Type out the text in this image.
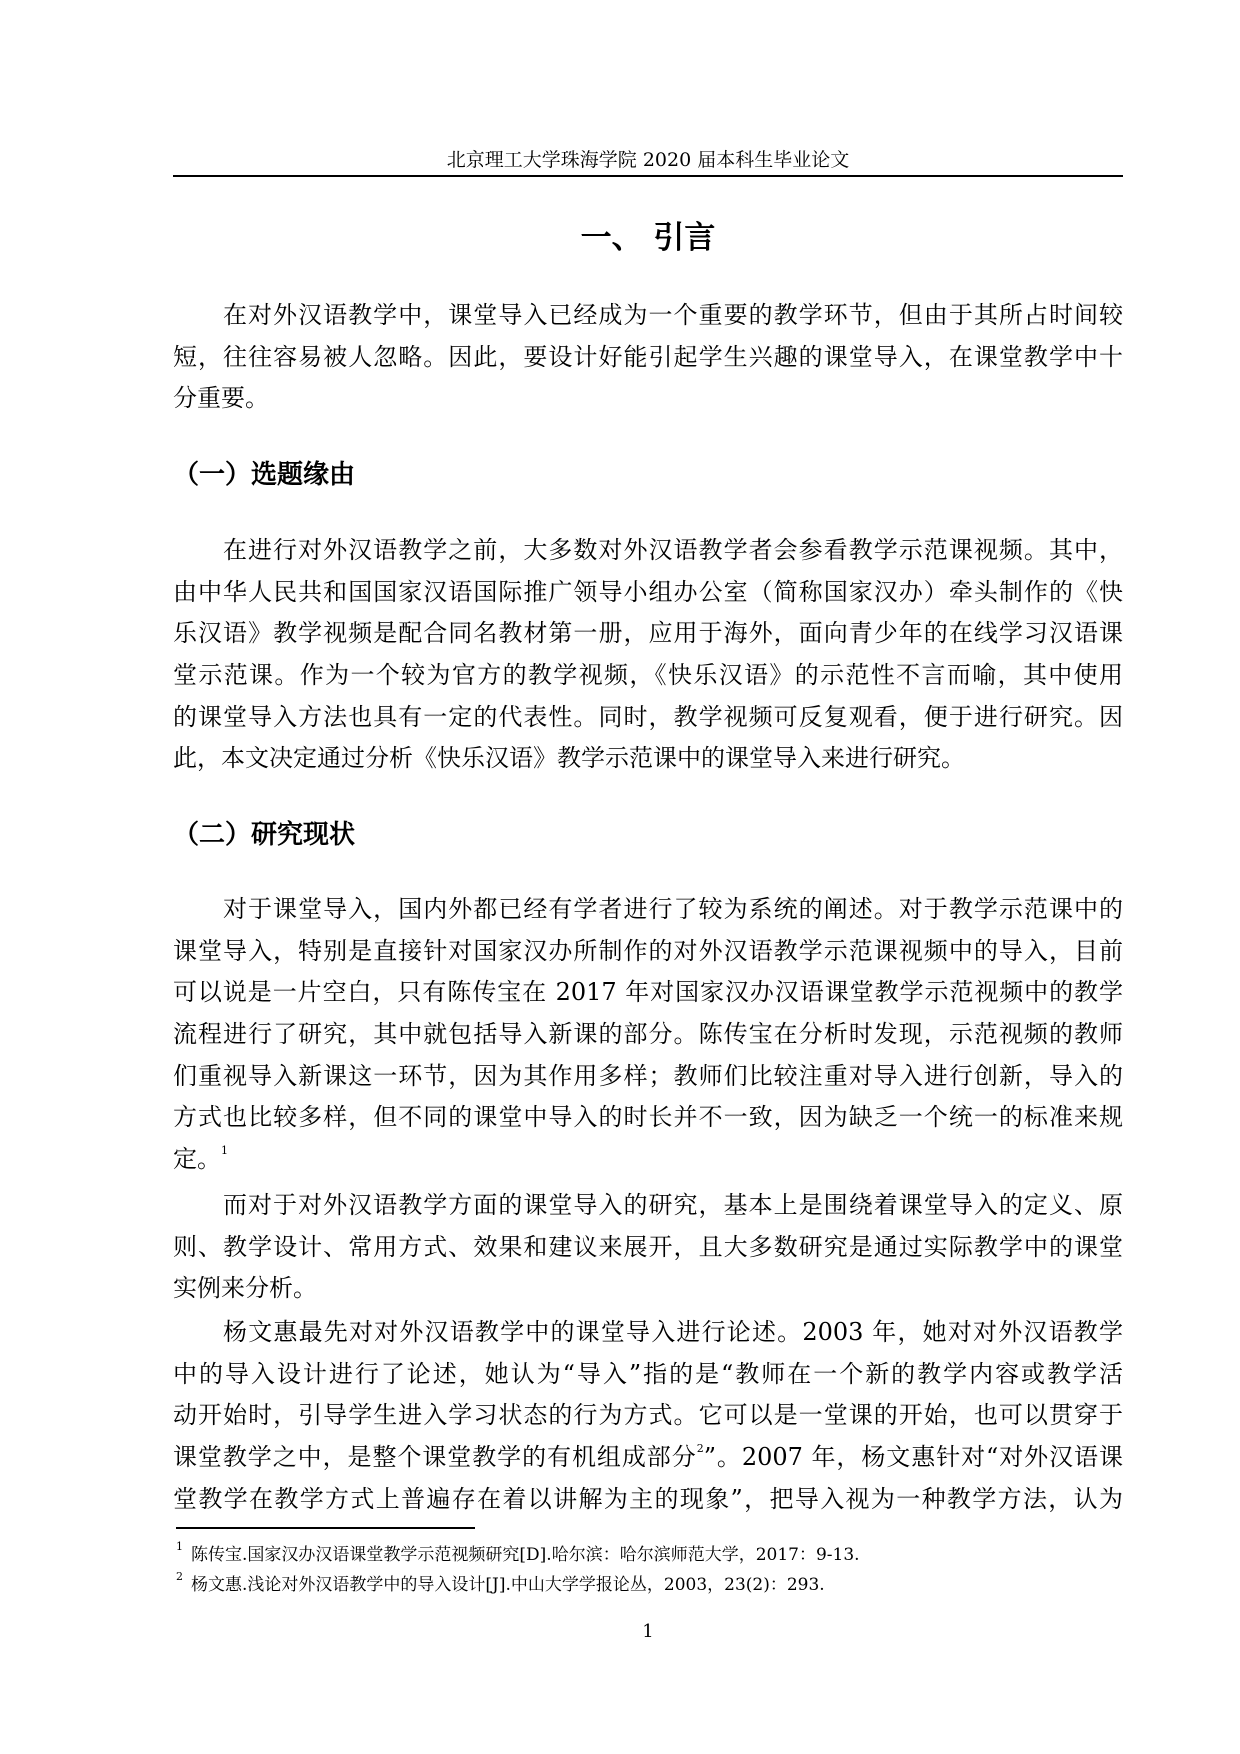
北京理工大学珠海学院 2020 届本科生毕业论文
一、 引言
在对外汉语教学中，课堂导入已经成为一个重要的教学环节，但由于其所占时间较
短，往往容易被人忽略。因此，要设计好能引起学生兴趣的课堂导入，在课堂教学中十
分重要。
（一）选题缘由
在进行对外汉语教学之前，大多数对外汉语教学者会参看教学示范课视频。其中，
由中华人民共和国国家汉语国际推广领导小组办公室（简称国家汉办）牵头制作的《快
乐汉语》教学视频是配合同名教材第一册，应用于海外，面向青少年的在线学习汉语课
堂示范课。作为一个较为官方的教学视频，《快乐汉语》的示范性不言而喻，其中使用
的课堂导入方法也具有一定的代表性。同时，教学视频可反复观看，便于进行研究。因
此，本文决定通过分析《快乐汉语》教学示范课中的课堂导入来进行研究。
（二）研究现状
对于课堂导入，国内外都已经有学者进行了较为系统的阐述。对于教学示范课中的
课堂导入，特别是直接针对国家汉办所制作的对外汉语教学示范课视频中的导入，目前
可以说是一片空白，只有陈传宝在 2017 年对国家汉办汉语课堂教学示范视频中的教学
流程进行了研究，其中就包括导入新课的部分。陈传宝在分析时发现，示范视频的教师
们重视导入新课这一环节，因为其作用多样；教师们比较注重对导入进行创新，导入的
方式也比较多样，但不同的课堂中导入的时长并不一致，因为缺乏一个统一的标准来规
定。$^1$
而对于对外汉语教学方面的课堂导入的研究，基本上是围绕着课堂导入的定义、原
则、教学设计、常用方式、效果和建议来展开，且大多数研究是通过实际教学中的课堂
实例来分析。
杨文惠最先对对外汉语教学中的课堂导入进行论述。2003 年，她对对外汉语教学
中的导入设计进行了论述，她认为“导入”指的是“教师在一个新的教学内容或教学活
动开始时，引导学生进入学习状态的行为方式。它可以是一堂课的开始，也可以贯穿于
课堂教学之中，是整个课堂教学的有机组成部分$^2$”。2007 年，杨文惠针对“对外汉语课
堂教学在教学方式上普遍存在着以讲解为主的现象”，把导入视为一种教学方法，认为
$^1$ 陈传宝.国家汉办汉语课堂教学示范视频研究[D].哈尔滨：哈尔滨师范大学，2017：9-13.
$^2$ 杨文惠.浅论对外汉语教学中的导入设计[J].中山大学学报论丛，2003，23(2)：293.
1
